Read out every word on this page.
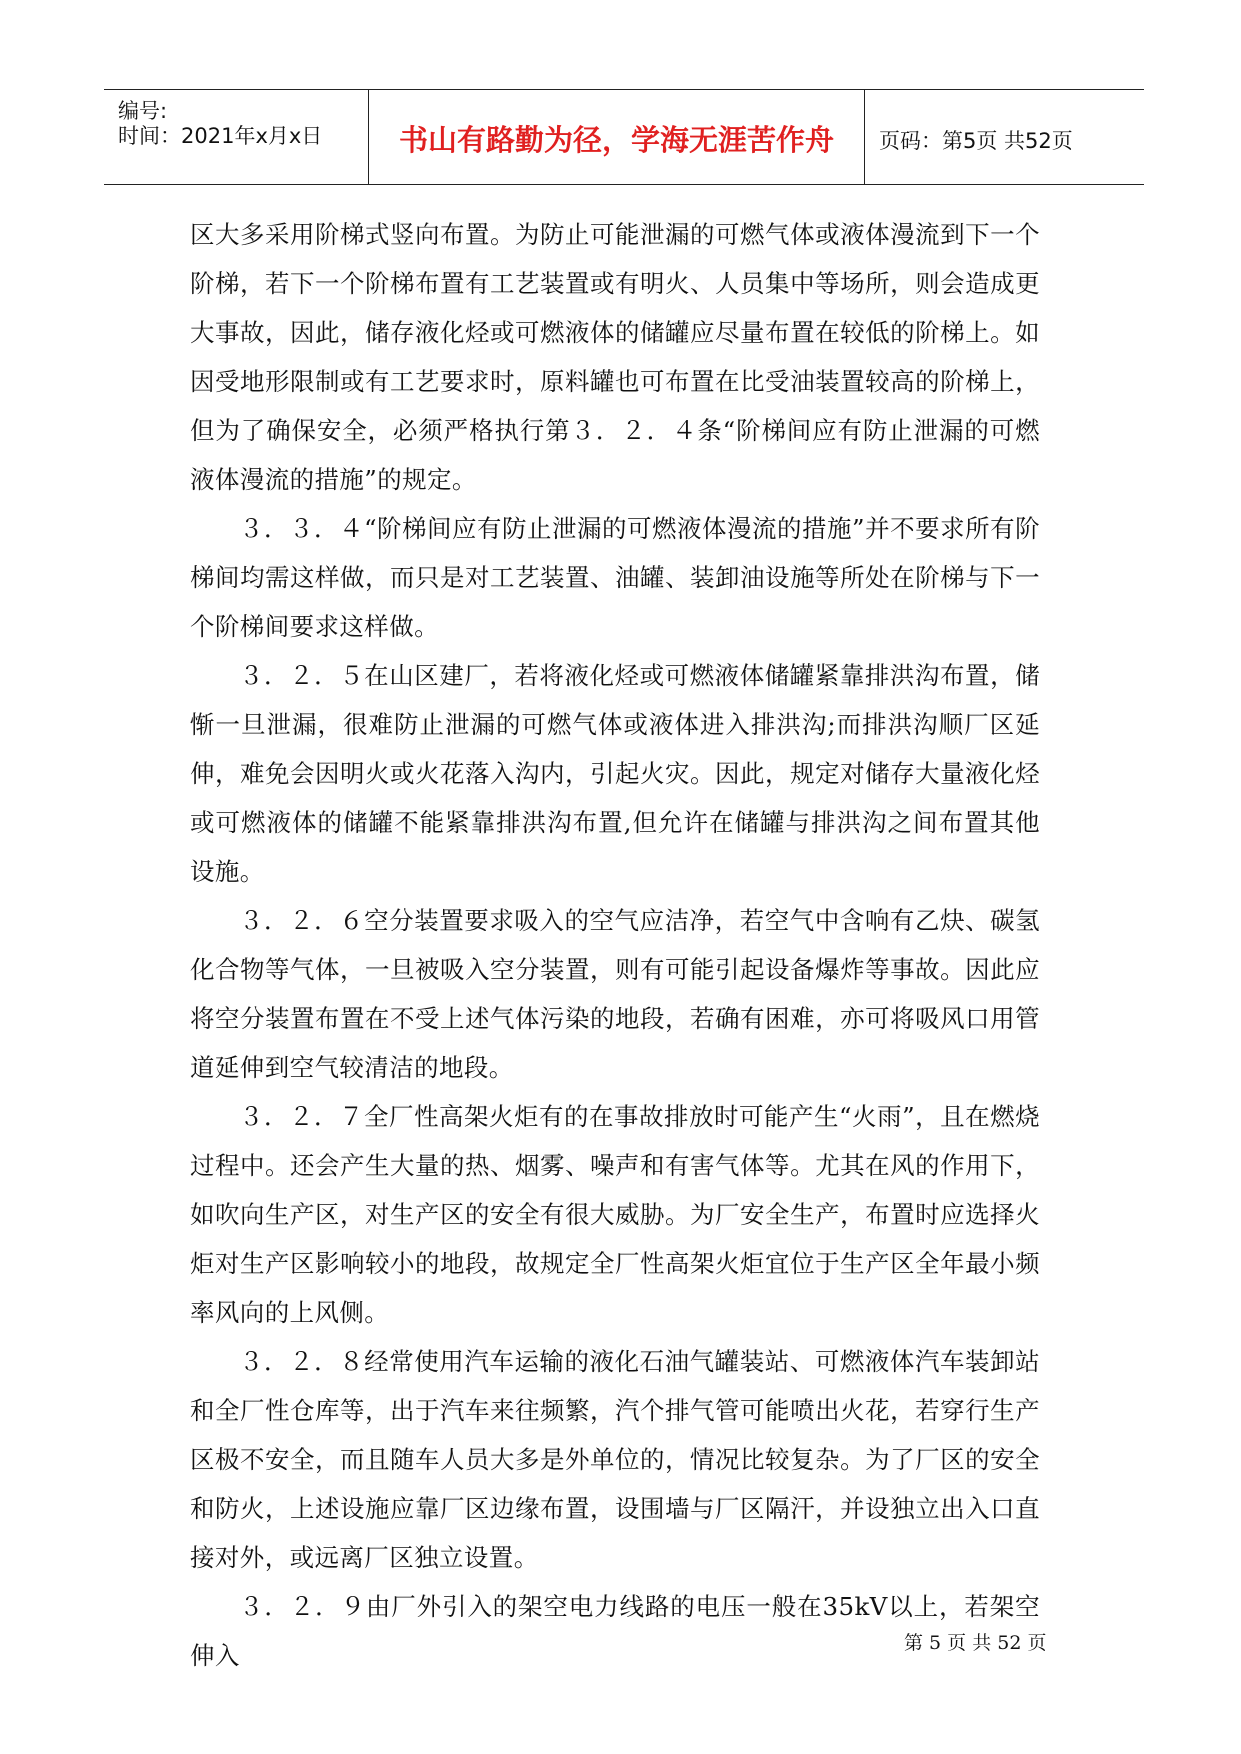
编号:
时间：2021年x月x日	书山有路勤为径，学海无涯苦作舟	页码：第5页 共52页

区大多采用阶梯式竖向布置。为防止可能泄漏的可燃气体或液体漫流到下一个阶梯，若下一个阶梯布置有工艺装置或有明火、人员集中等场所，则会造成更大事故，因此，储存液化烃或可燃液体的储罐应尽量布置在较低的阶梯上。如因受地形限制或有工艺要求时，原料罐也可布置在比受油装置较高的阶梯上，但为了确保安全，必须严格执行第３．２．４条“阶梯间应有防止泄漏的可燃液体漫流的措施”的规定。

３．３．４“阶梯间应有防止泄漏的可燃液体漫流的措施”并不要求所有阶梯间均需这样做，而只是对工艺装置、油罐、装卸油设施等所处在阶梯与下一个阶梯间要求这样做。

３．２．５在山区建厂，若将液化烃或可燃液体储罐紧靠排洪沟布置，储惭一旦泄漏，很难防止泄漏的可燃气体或液体进入排洪沟;而排洪沟顺厂区延伸，难免会因明火或火花落入沟内，引起火灾。因此，规定对储存大量液化烃或可燃液体的储罐不能紧靠排洪沟布置,但允许在储罐与排洪沟之间布置其他设施。

３．２．６空分装置要求吸入的空气应洁净，若空气中含响有乙炔、碳氢化合物等气体，一旦被吸入空分装置，则有可能引起设备爆炸等事故。因此应将空分装置布置在不受上述气体污染的地段，若确有困难，亦可将吸风口用管道延伸到空气较清洁的地段。

３．２．７全厂性高架火炬有的在事故排放时可能产生“火雨”，且在燃烧过程中。还会产生大量的热、烟雾、噪声和有害气体等。尤其在风的作用下，如吹向生产区，对生产区的安全有很大威胁。为厂安全生产，布置时应选择火炬对生产区影响较小的地段，故规定全厂性高架火炬宜位于生产区全年最小频率风向的上风侧。

３．２．８经常使用汽车运输的液化石油气罐装站、可燃液体汽车装卸站和全厂性仓库等，出于汽车来往频繁，汽个排气管可能喷出火花，若穿行生产区极不安全，而且随车人员大多是外单位的，情况比较复杂。为了厂区的安全和防火，上述设施应靠厂区边缘布置，设围墙与厂区隔汗，并设独立出入口直接对外，或远离厂区独立设置。

３．２．９由厂外引入的架空电力线路的电压一般在35kV以上，若架空伸入	第 5 页 共 52 页
